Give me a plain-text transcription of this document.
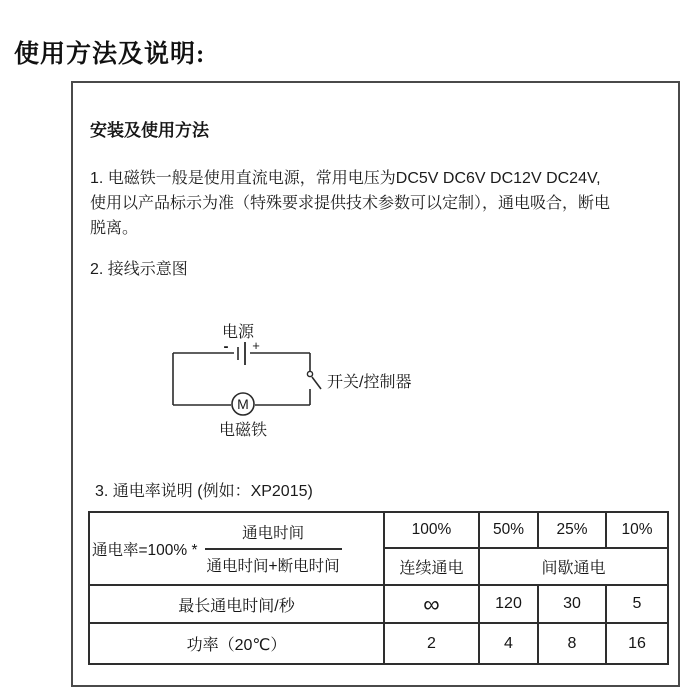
使用方法及说明:
安装及使用方法
1. 电磁铁一般是使用直流电源，常用电压为DC5V DC6V DC12V DC24V, 使用以产品标示为准（特殊要求提供技术参数可以定制），通电吸合，断电脱离。
2. 接线示意图
电源
- +
M
开关/控制器
电磁铁
3. 通电率说明 (例如：XP2015)
通电率$=100\% * \frac{\text{通电时间}}{\text{通电时间+断电时间}}$	100%	50%	25%	10%
	连续通电	间歇通电		
最长通电时间/秒	∞	120	30	5
功率（20℃）	2	4	8	16
